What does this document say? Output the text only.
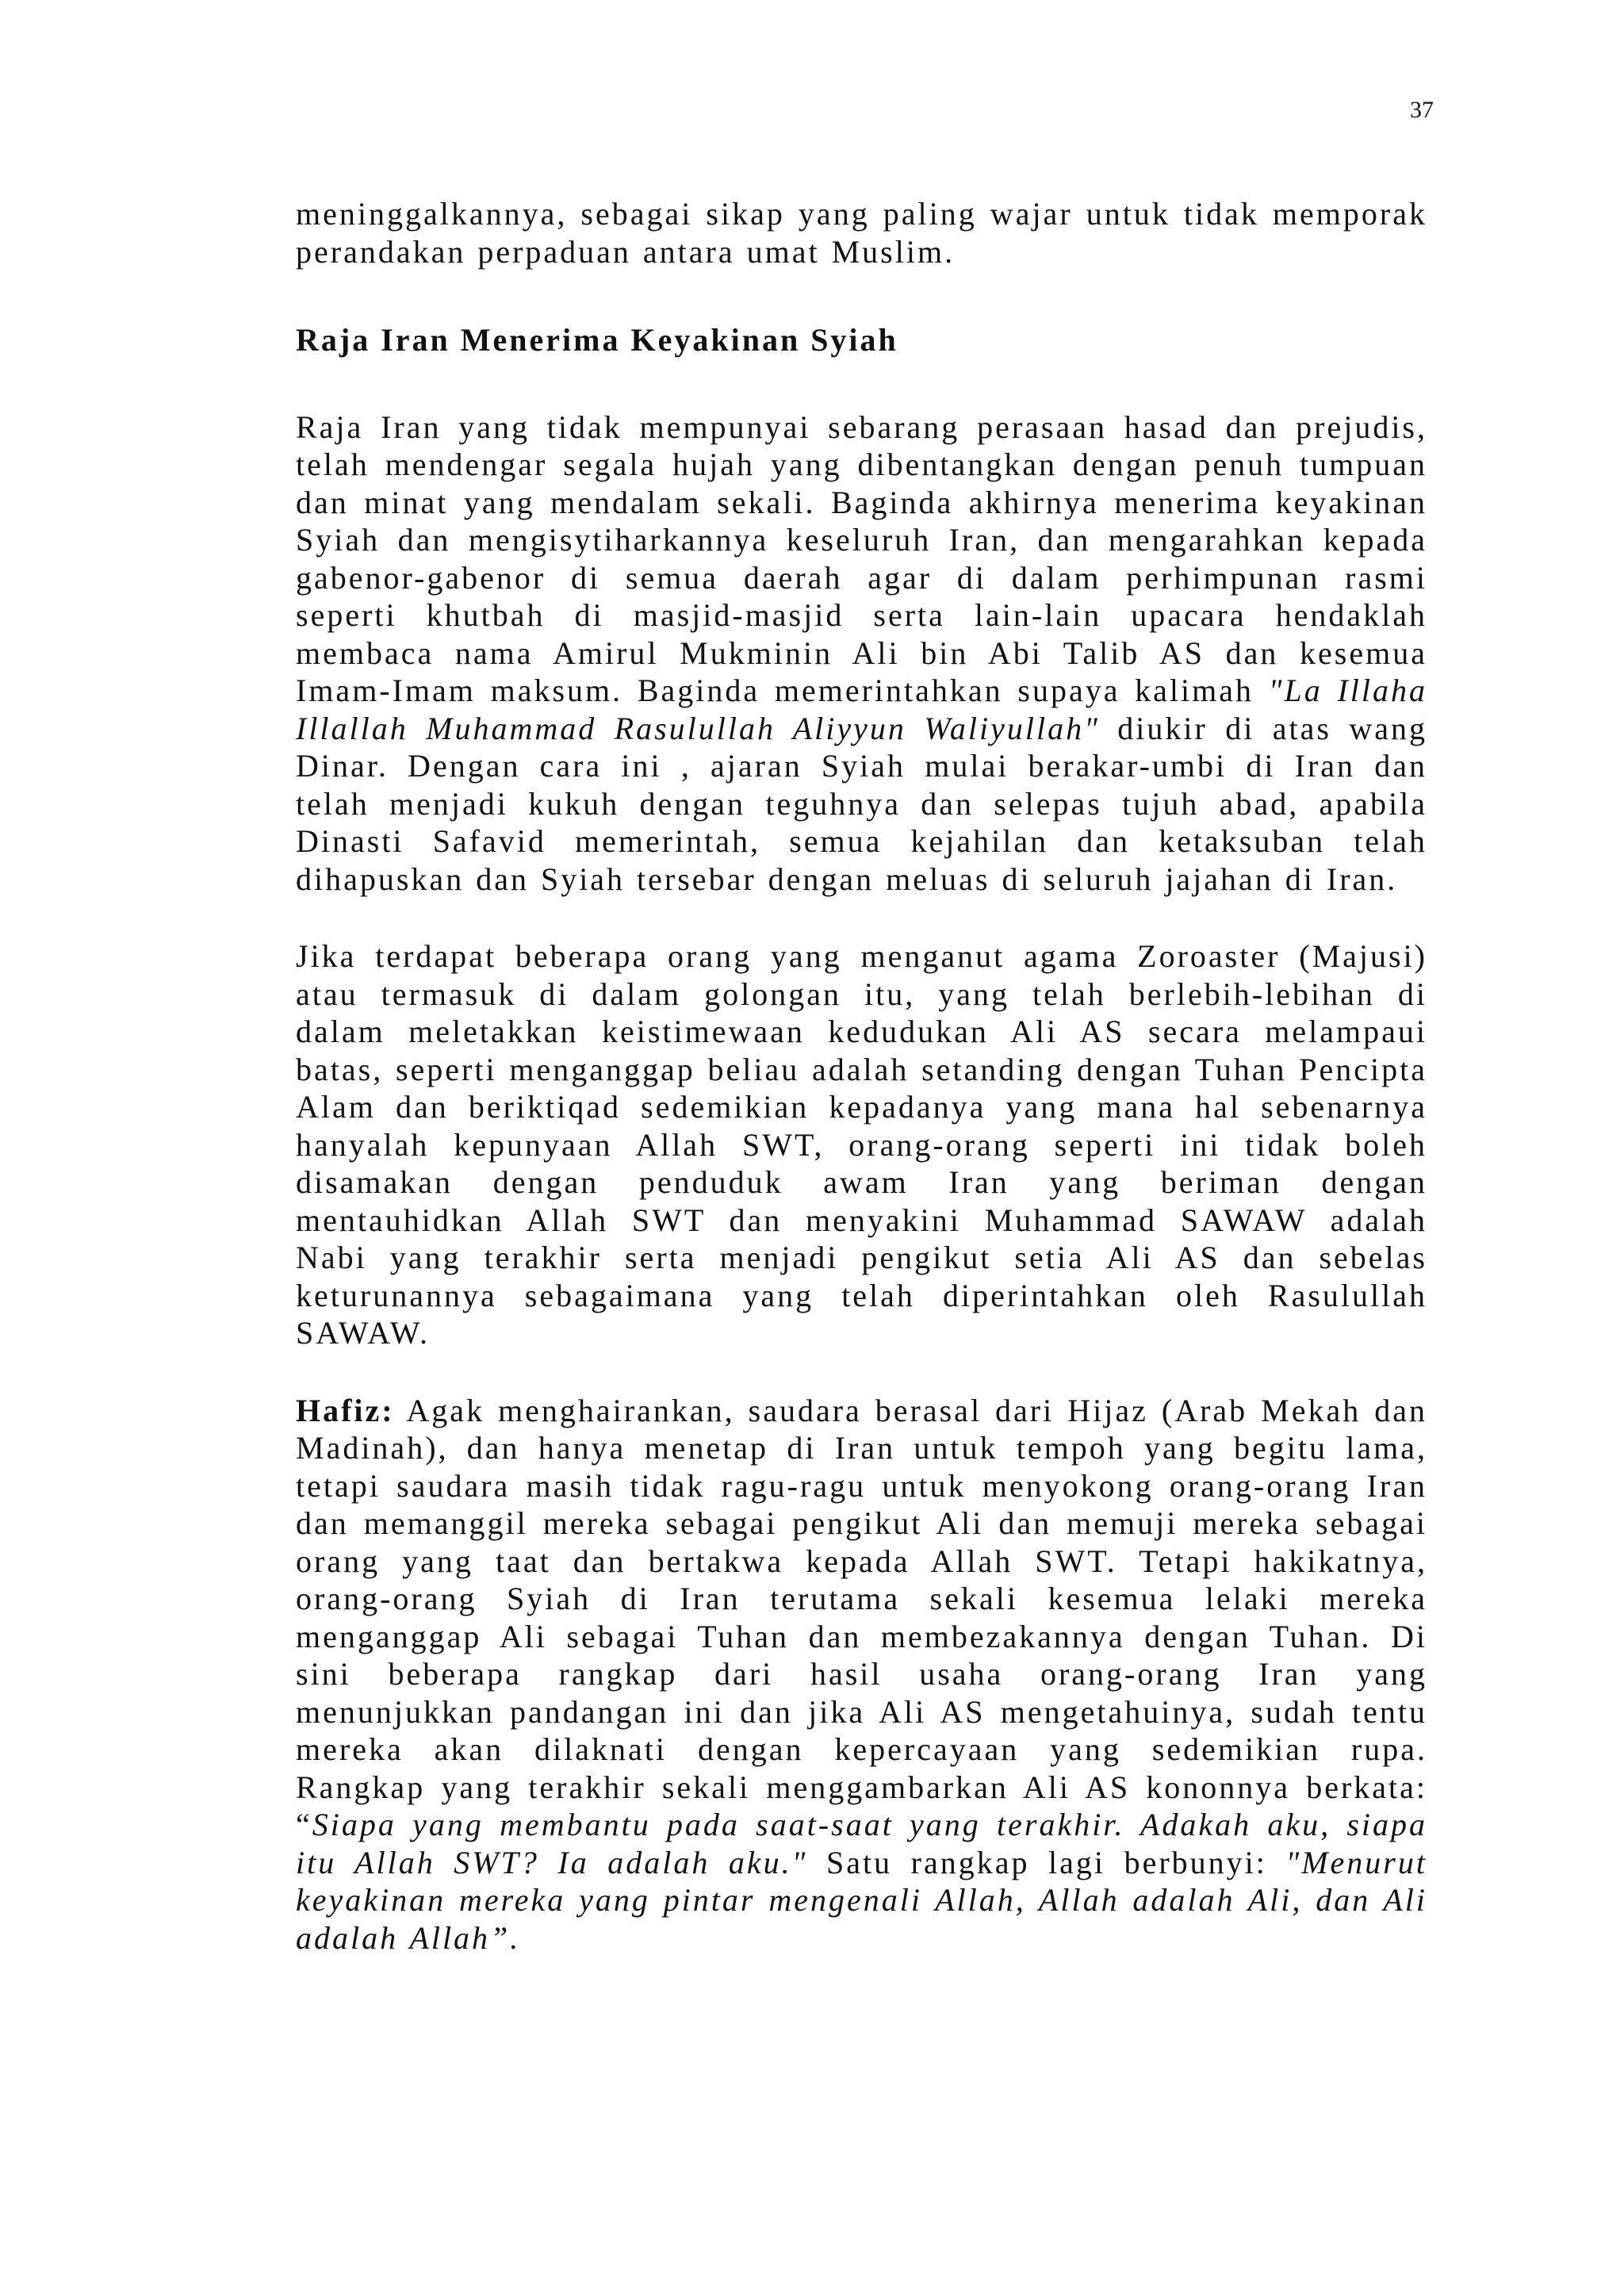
37

meninggalkannya, sebagai sikap yang paling wajar untuk tidak memporak perandakan perpaduan antara umat Muslim.

Raja Iran Menerima Keyakinan Syiah

Raja Iran yang tidak mempunyai sebarang perasaan hasad dan prejudis, telah mendengar segala hujah yang dibentangkan dengan penuh tumpuan dan minat yang mendalam sekali. Baginda akhirnya menerima keyakinan Syiah dan mengisytiharkannya keseluruh Iran, dan mengarahkan kepada gabenor-gabenor di semua daerah agar di dalam perhimpunan rasmi seperti khutbah di masjid-masjid serta lain-lain upacara hendaklah membaca nama Amirul Mukminin Ali bin Abi Talib AS dan kesemua Imam-Imam maksum. Baginda memerintahkan supaya kalimah "La Illaha Illallah Muhammad Rasulullah Aliyyun Waliyullah" diukir di atas wang Dinar. Dengan cara ini , ajaran Syiah mulai berakar-umbi di Iran dan telah menjadi kukuh dengan teguhnya dan selepas tujuh abad, apabila Dinasti Safavid memerintah, semua kejahilan dan ketaksuban telah dihapuskan dan Syiah tersebar dengan meluas di seluruh jajahan di Iran.

Jika terdapat beberapa orang yang menganut agama Zoroaster (Majusi) atau termasuk di dalam golongan itu, yang telah berlebih-lebihan di dalam meletakkan keistimewaan kedudukan Ali AS secara melampaui batas, seperti menganggap beliau adalah setanding dengan Tuhan Pencipta Alam dan beriktiqad sedemikian kepadanya yang mana hal sebenarnya hanyalah kepunyaan Allah SWT, orang-orang seperti ini tidak boleh disamakan dengan penduduk awam Iran yang beriman dengan mentauhidkan Allah SWT dan menyakini Muhammad SAWAW adalah Nabi yang terakhir serta menjadi pengikut setia Ali AS dan sebelas keturunannya sebagaimana yang telah diperintahkan oleh Rasulullah SAWAW.

Hafiz: Agak menghairankan, saudara berasal dari Hijaz (Arab Mekah dan Madinah), dan hanya menetap di Iran untuk tempoh yang begitu lama, tetapi saudara masih tidak ragu-ragu untuk menyokong orang-orang Iran dan memanggil mereka sebagai pengikut Ali dan memuji mereka sebagai orang yang taat dan bertakwa kepada Allah SWT. Tetapi hakikatnya, orang-orang Syiah di Iran terutama sekali kesemua lelaki mereka menganggap Ali sebagai Tuhan dan membezakannya dengan Tuhan. Di sini beberapa rangkap dari hasil usaha orang-orang Iran yang menunjukkan pandangan ini dan jika Ali AS mengetahuinya, sudah tentu mereka akan dilaknati dengan kepercayaan yang sedemikian rupa. Rangkap yang terakhir sekali menggambarkan Ali AS kononnya berkata: “Siapa yang membantu pada saat-saat yang terakhir. Adakah aku, siapa itu Allah SWT? Ia adalah aku." Satu rangkap lagi berbunyi: "Menurut keyakinan mereka yang pintar mengenali Allah, Allah adalah Ali, dan Ali adalah Allah”.
